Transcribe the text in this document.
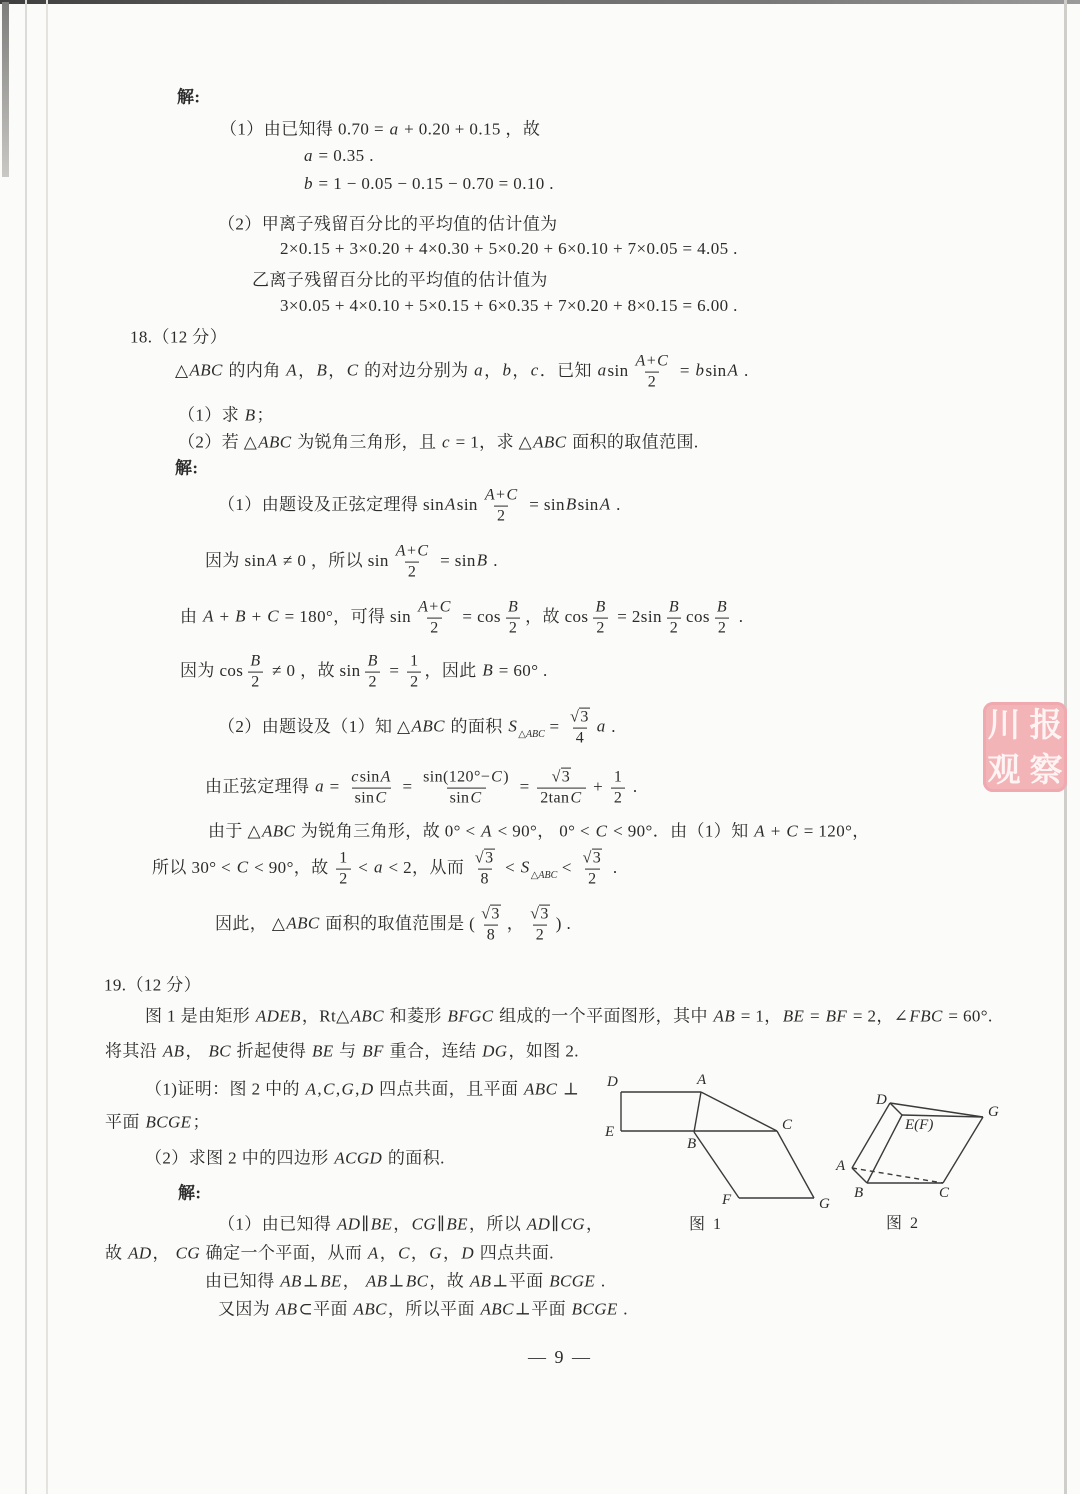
解:
（1）由已知得 0.70 = a + 0.20 + 0.15 ，故
a = 0.35 .
b = 1 − 0.05 − 0.15 − 0.70 = 0.10 .
（2）甲离子残留百分比的平均值的估计值为
2×0.15 + 3×0.20 + 4×0.30 + 5×0.20 + 6×0.10 + 7×0.05 = 4.05 .
乙离子残留百分比的平均值的估计值为
3×0.05 + 4×0.10 + 5×0.15 + 6×0.35 + 7×0.20 + 8×0.15 = 6.00 .
18.（12 分）
△ABC 的内角 A，B，C 的对边分别为 a，b，c．已知 asin $\frac{A+C}{2} = bsinA$ .
（1）求 B；
（2）若 △ABC 为锐角三角形，且 c = 1，求 △ABC 面积的取值范围.
解:
（1）由题设及正弦定理得 sinAsin $\frac{A+C}{2}$ = sinBsinA .
因为 sinA ≠ 0 ，所以 $\sin \frac{A+C}{2} = \sin B$ .
由 A + B + C = 180°，可得 $\sin \frac{A+C}{2} = \cos \frac{B}{2}$ ，故 $\cos \frac{B}{2} = 2\sin \frac{B}{2}$ $\cos \frac{B}{2}$ .
因为 $\cos \frac{B}{2} \ne 0$ ，故 $\sin \frac{B}{2} = \frac{1}{2}$ ，因此 B = 60° .
（2）由题设及（1）知 △ABC 的面积 $S_{\triangle ABC} = \frac{√3}{4}$ a .
由正弦定理得 $a = \frac{csinA}{\sin C} = \frac{\sin(120^\circ-C)}{\sin C} = \frac{√3}{2\tan C} + \frac{1}{2}$ .
由于 △ABC 为锐角三角形，故 0° < A < 90°， 0° < C < 90°．由（1）知 A + C = 120°，
所以 30° < C < 90°，故 $\frac{1}{2} < a < 2$，从而 $\frac{√3}{8} < S_{\triangle ABC} < \frac{√3}{2}$ .
因此， △ABC 面积的取值范围是 ( $\frac{√3}{8}$ ， $\frac{√3}{2}$ ) .
19.（12 分）
图 1 是由矩形 ADEB，Rt△ABC 和菱形 BFGC 组成的一个平面图形，其中 AB = 1，BE = BF = 2，∠FBC = 60°.
将其沿 AB， BC 折起使得 BE 与 BF 重合，连结 DG，如图 2.
（1)证明：图 2 中的 A,C,G,D 四点共面，且平面 ABC ⊥
平面 BCGE；
（2）求图 2 中的四边形 ACGD 的面积.
解:
（1）由已知得 AD∥BE，CG∥BE，所以 AD∥CG，
故 AD， CG 确定一个平面，从而 A，C，G，D 四点共面.
由已知得 AB⊥BE， AB⊥BC，故 AB⊥平面 BCGE .
又因为 AB⊂平面 ABC，所以平面 ABC⊥平面 BCGE .
D	A
E
B
C
F	G
图 1
D
G
E(F)
A
B	C
图 2
川 报
观 察
— 9 —
